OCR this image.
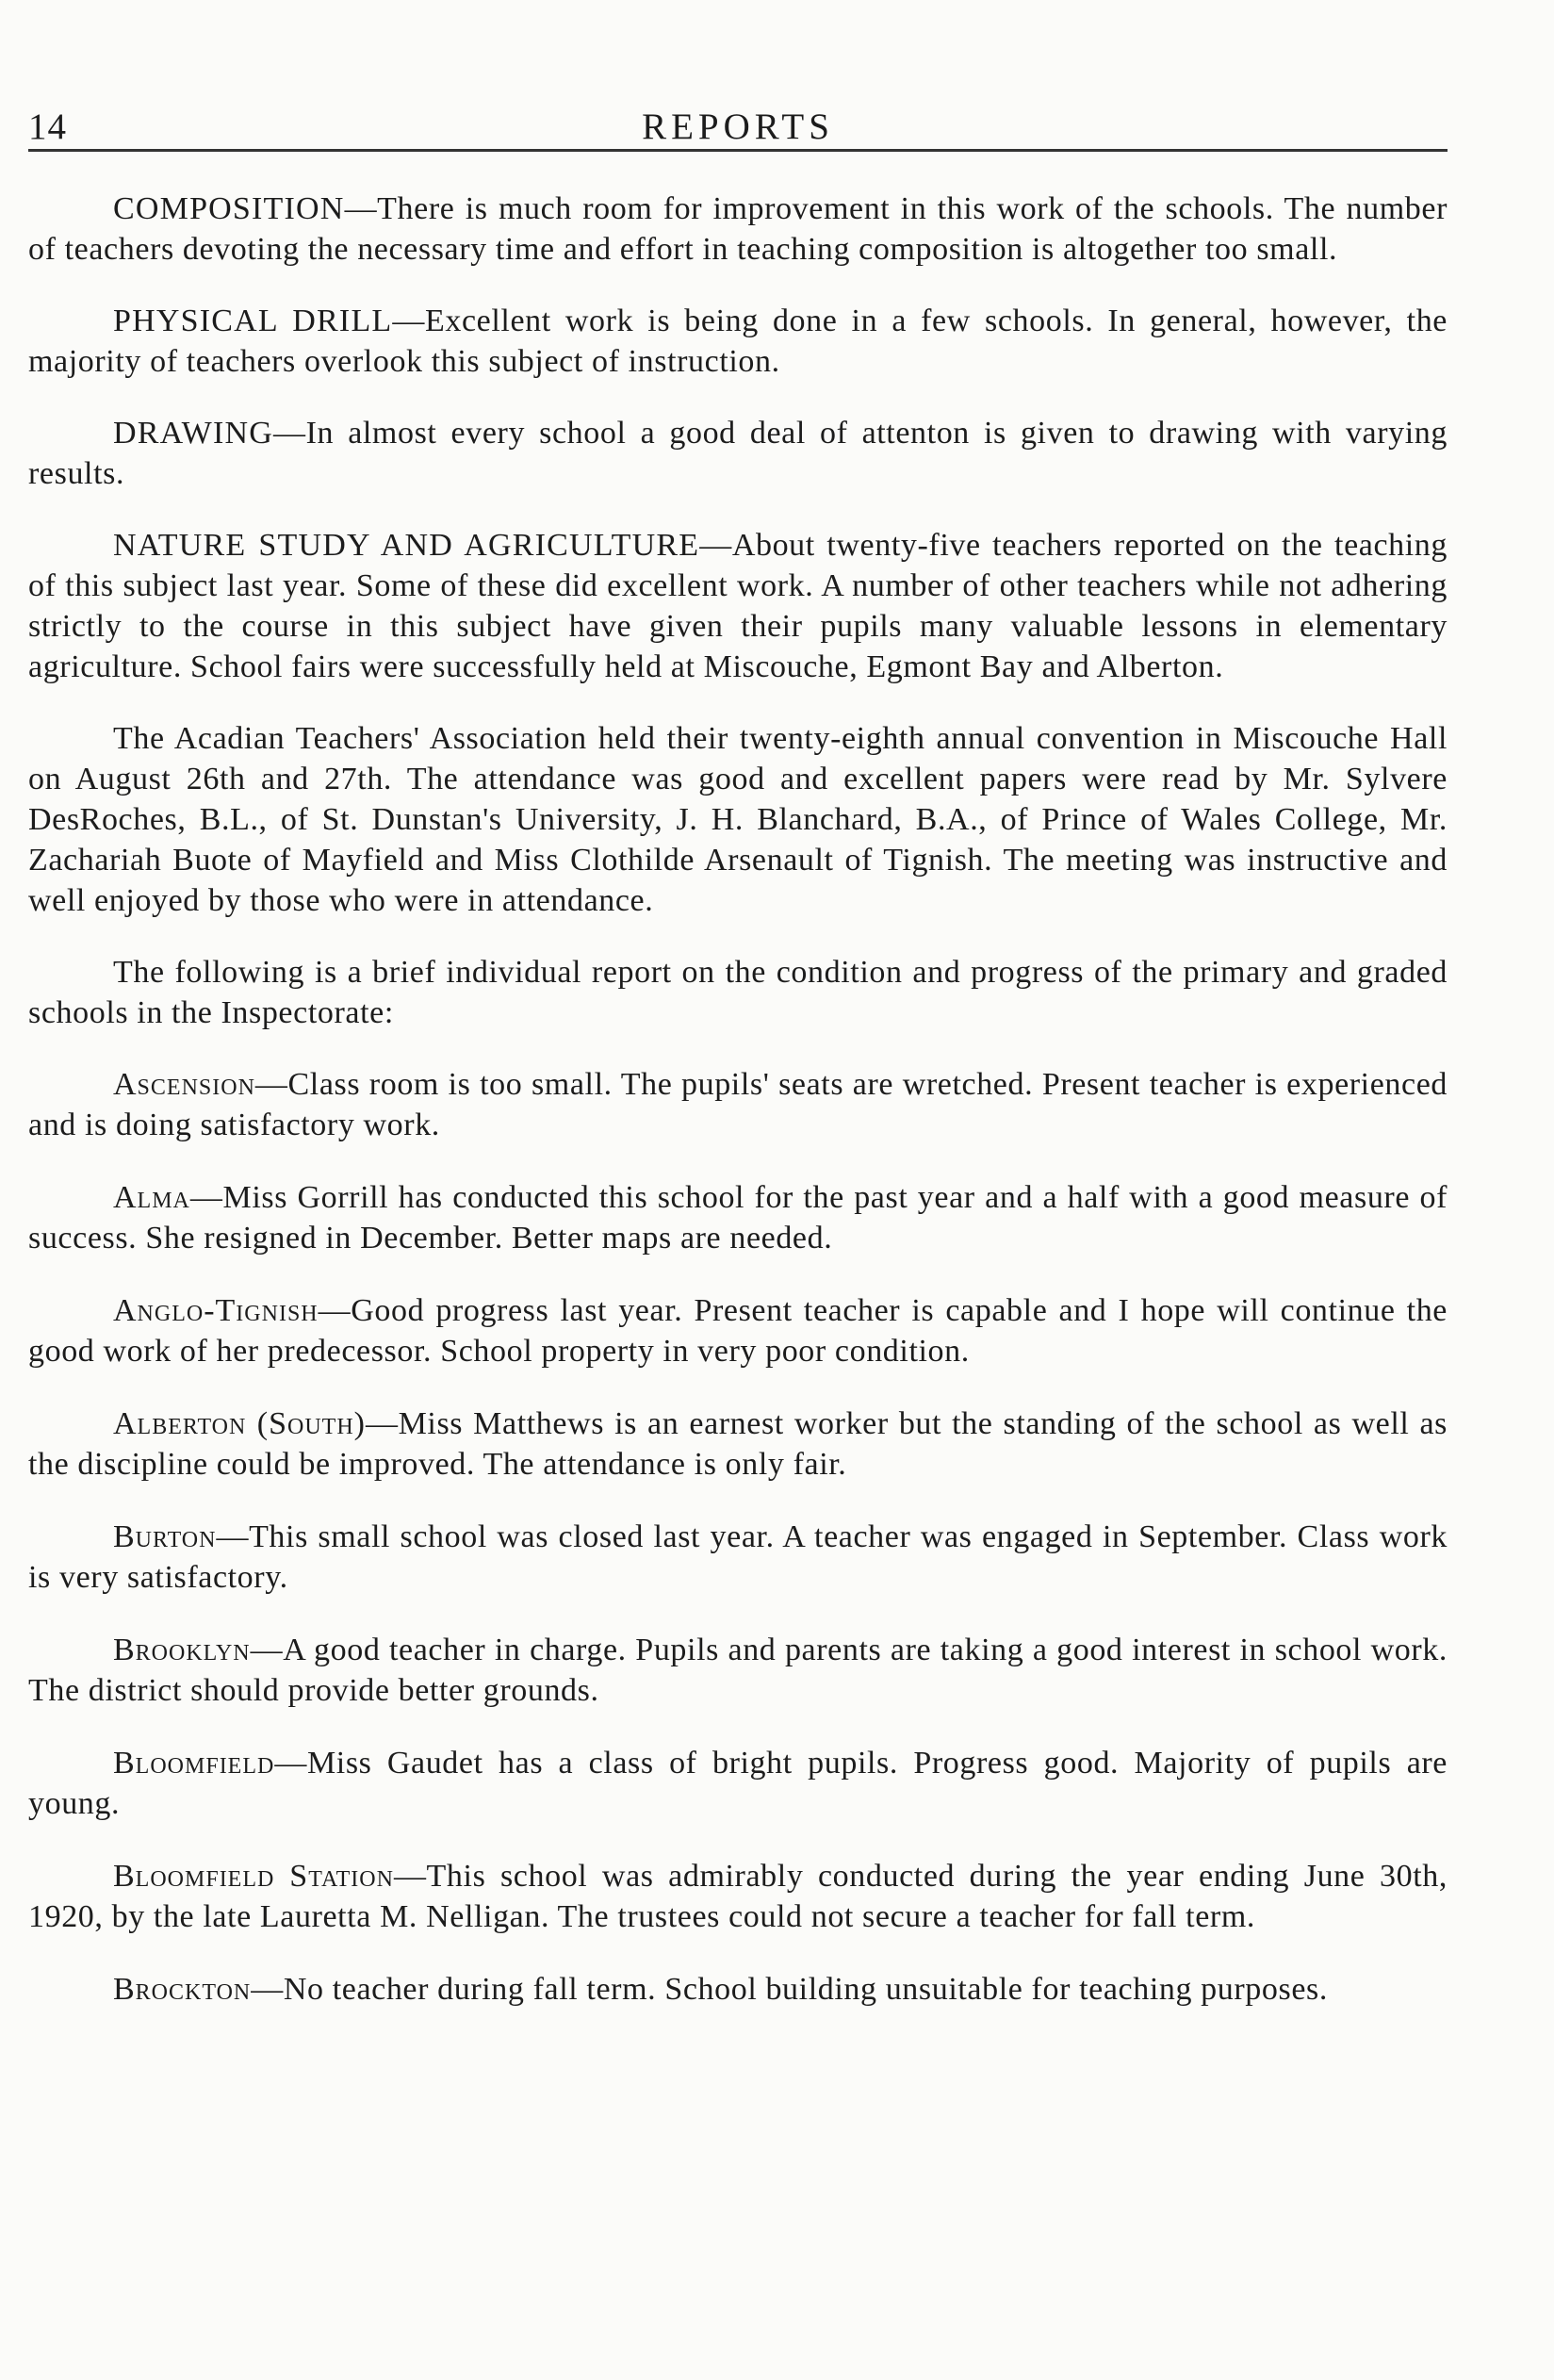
14	REPORTS

COMPOSITION—There is much room for improvement in this work of the schools. The number of teachers devoting the necessary time and effort in teaching composition is altogether too small.

PHYSICAL DRILL—Excellent work is being done in a few schools. In general, however, the majority of teachers overlook this subject of instruction.

DRAWING—In almost every school a good deal of attenton is given to drawing with varying results.

NATURE STUDY AND AGRICULTURE—About twenty-five teachers reported on the teaching of this subject last year. Some of these did excellent work. A number of other teachers while not adhering strictly to the course in this subject have given their pupils many valuable lessons in elementary agriculture. School fairs were successfully held at Miscouche, Egmont Bay and Alberton.

The Acadian Teachers' Association held their twenty-eighth annual convention in Miscouche Hall on August 26th and 27th. The attendance was good and excellent papers were read by Mr. Sylvere DesRoches, B.L., of St. Dunstan's University, J. H. Blanchard, B.A., of Prince of Wales College, Mr. Zachariah Buote of Mayfield and Miss Clothilde Arsenault of Tignish. The meeting was instructive and well enjoyed by those who were in attendance.

The following is a brief individual report on the condition and progress of the primary and graded schools in the Inspectorate:

Ascension—Class room is too small. The pupils' seats are wretched. Present teacher is experienced and is doing satisfactory work.

Alma—Miss Gorrill has conducted this school for the past year and a half with a good measure of success. She resigned in December. Better maps are needed.

Anglo-Tignish—Good progress last year. Present teacher is capable and I hope will continue the good work of her predecessor. School property in very poor condition.

Alberton (South)—Miss Matthews is an earnest worker but the standing of the school as well as the discipline could be improved. The attendance is only fair.

Burton—This small school was closed last year. A teacher was engaged in September. Class work is very satisfactory.

Brooklyn—A good teacher in charge. Pupils and parents are taking a good interest in school work. The district should provide better grounds.

Bloomfield—Miss Gaudet has a class of bright pupils. Progress good. Majority of pupils are young.

Bloomfield Station—This school was admirably conducted during the year ending June 30th, 1920, by the late Lauretta M. Nelligan. The trustees could not secure a teacher for fall term.

Brockton—No teacher during fall term. School building unsuitable for teaching purposes.
